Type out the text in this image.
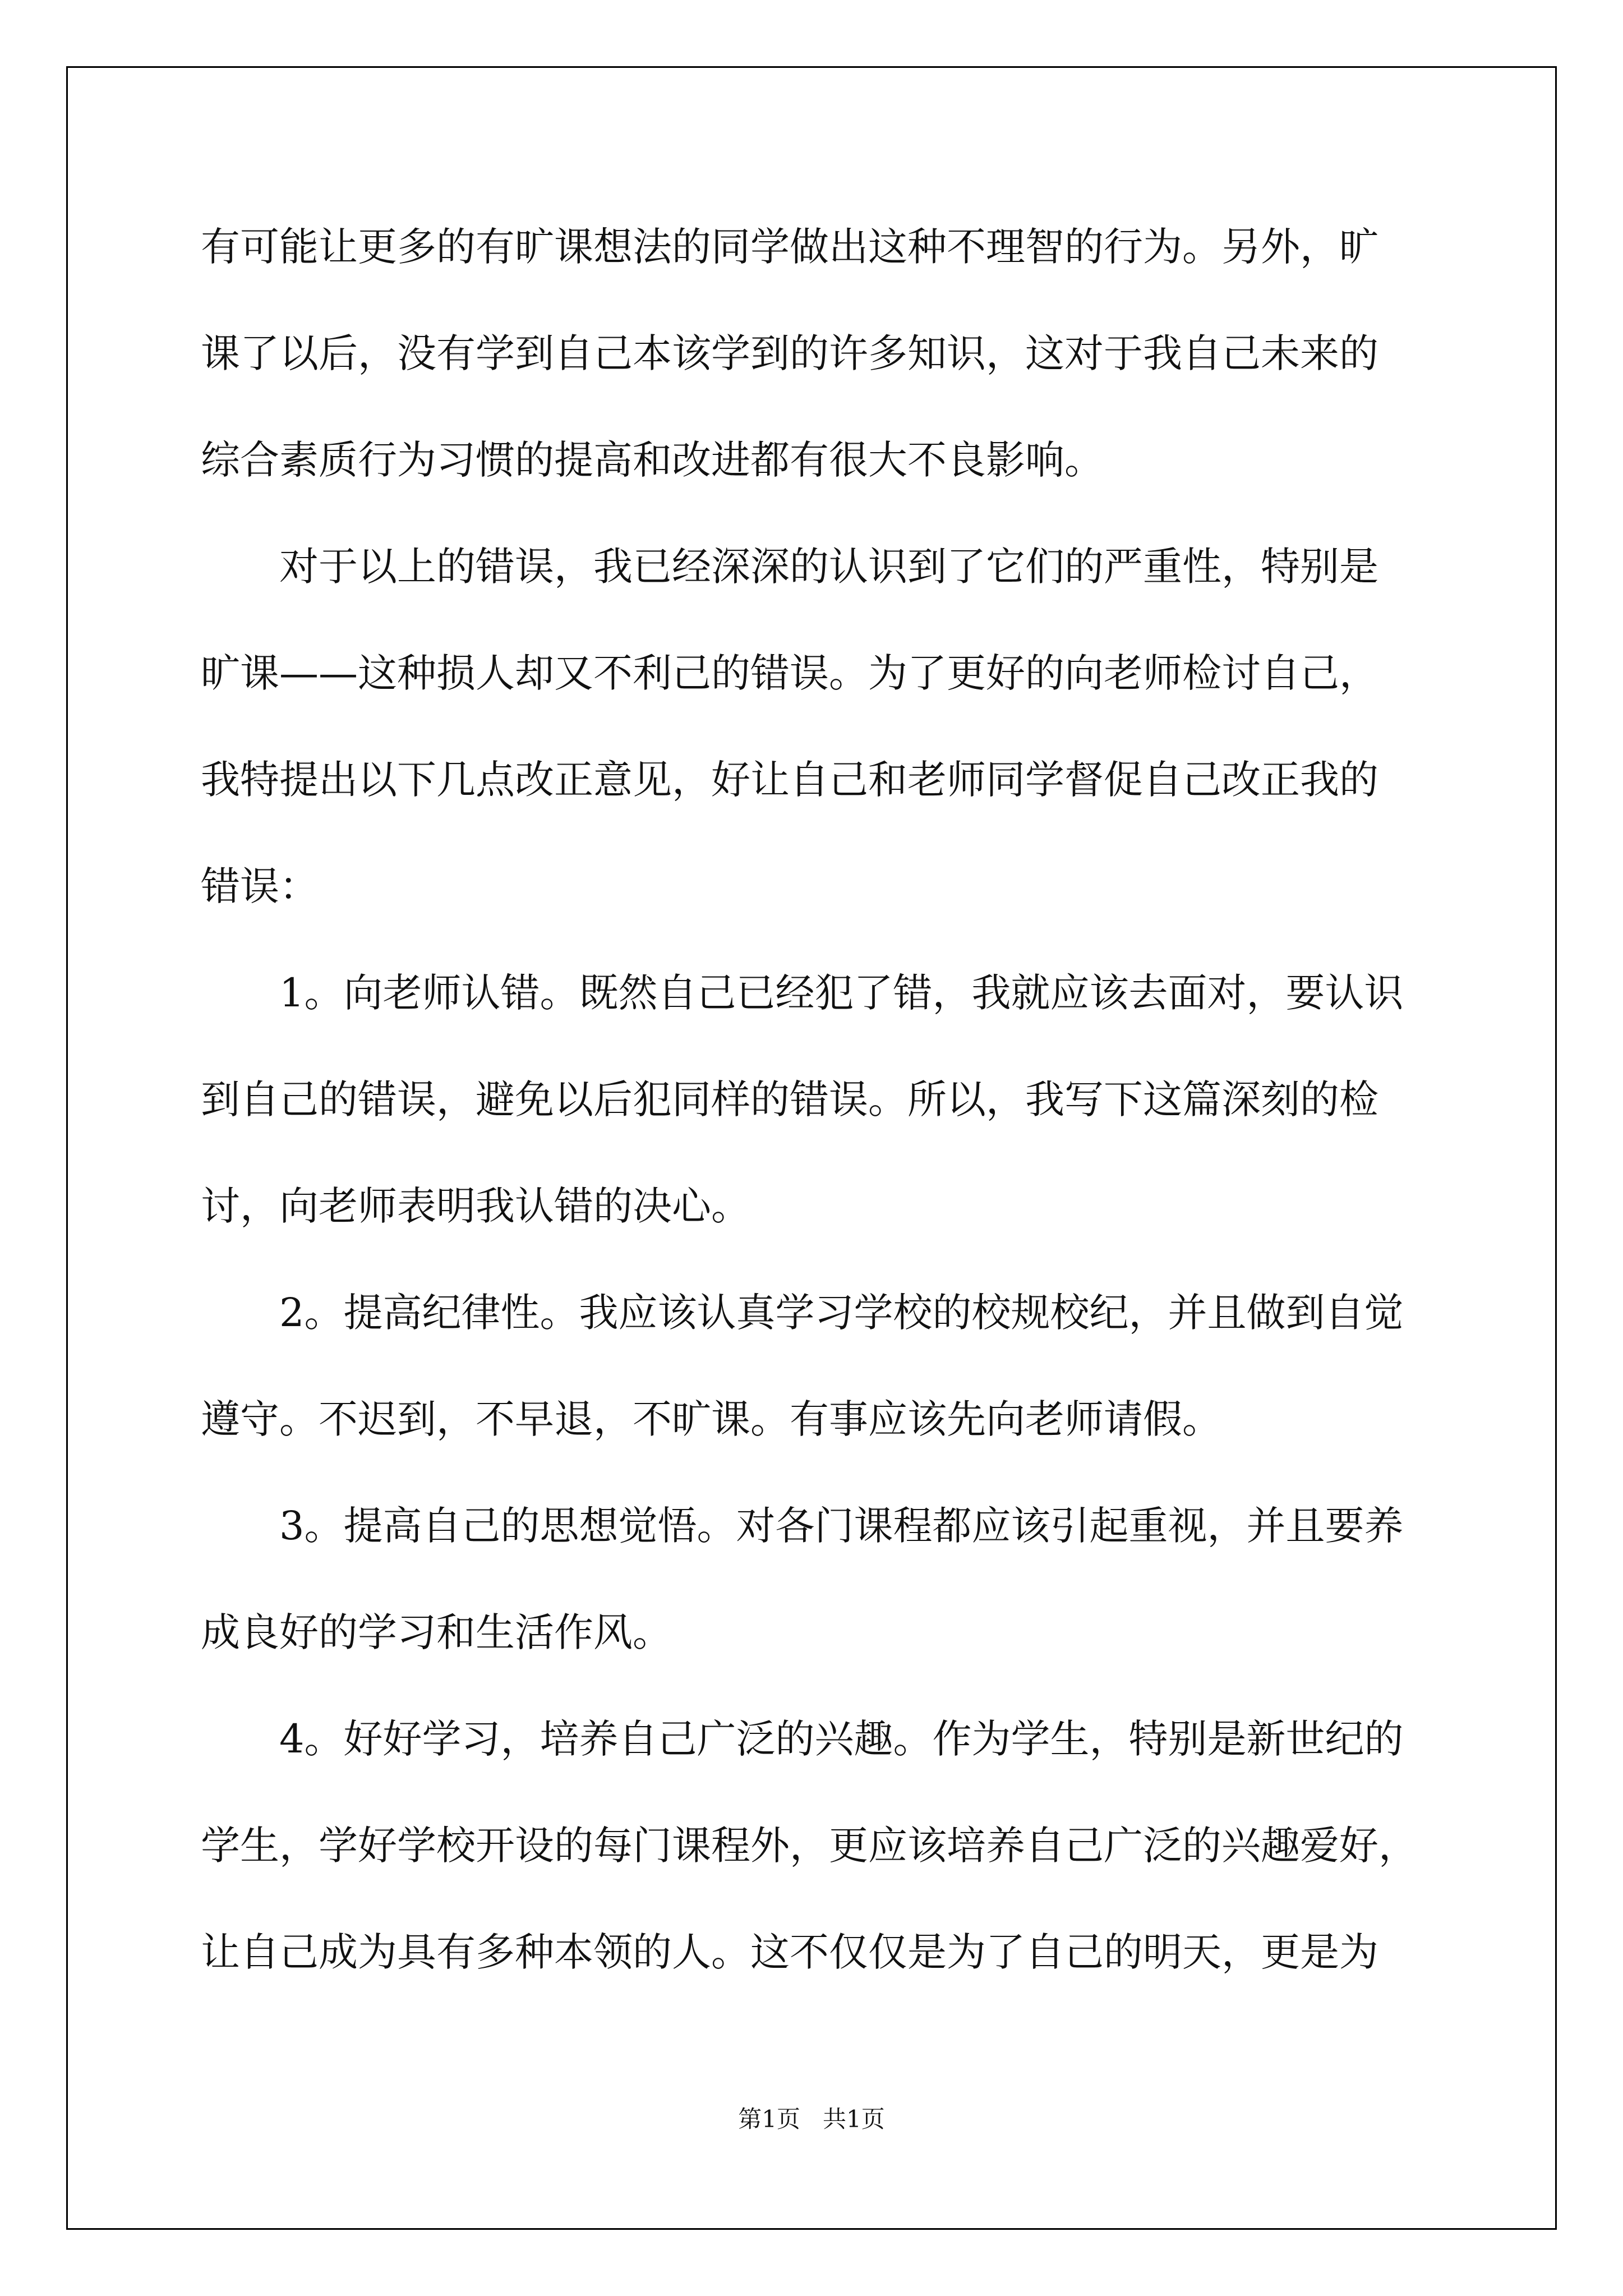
有可能让更多的有旷课想法的同学做出这种不理智的行为。另外，旷
课了以后，没有学到自己本该学到的许多知识，这对于我自己未来的
综合素质行为习惯的提高和改进都有很大不良影响。
对于以上的错误，我已经深深的认识到了它们的严重性，特别是
旷课——这种损人却又不利己的错误。为了更好的向老师检讨自己，
我特提出以下几点改正意见，好让自己和老师同学督促自己改正我的
错误：
1。向老师认错。既然自己已经犯了错，我就应该去面对，要认识
到自己的错误，避免以后犯同样的错误。所以，我写下这篇深刻的检
讨，向老师表明我认错的决心。
2。提高纪律性。我应该认真学习学校的校规校纪，并且做到自觉
遵守。不迟到，不早退，不旷课。有事应该先向老师请假。
3。提高自己的思想觉悟。对各门课程都应该引起重视，并且要养
成良好的学习和生活作风。
4。好好学习，培养自己广泛的兴趣。作为学生，特别是新世纪的
学生，学好学校开设的每门课程外，更应该培养自己广泛的兴趣爱好，
让自己成为具有多种本领的人。这不仅仅是为了自己的明天，更是为
第1页 共1页
